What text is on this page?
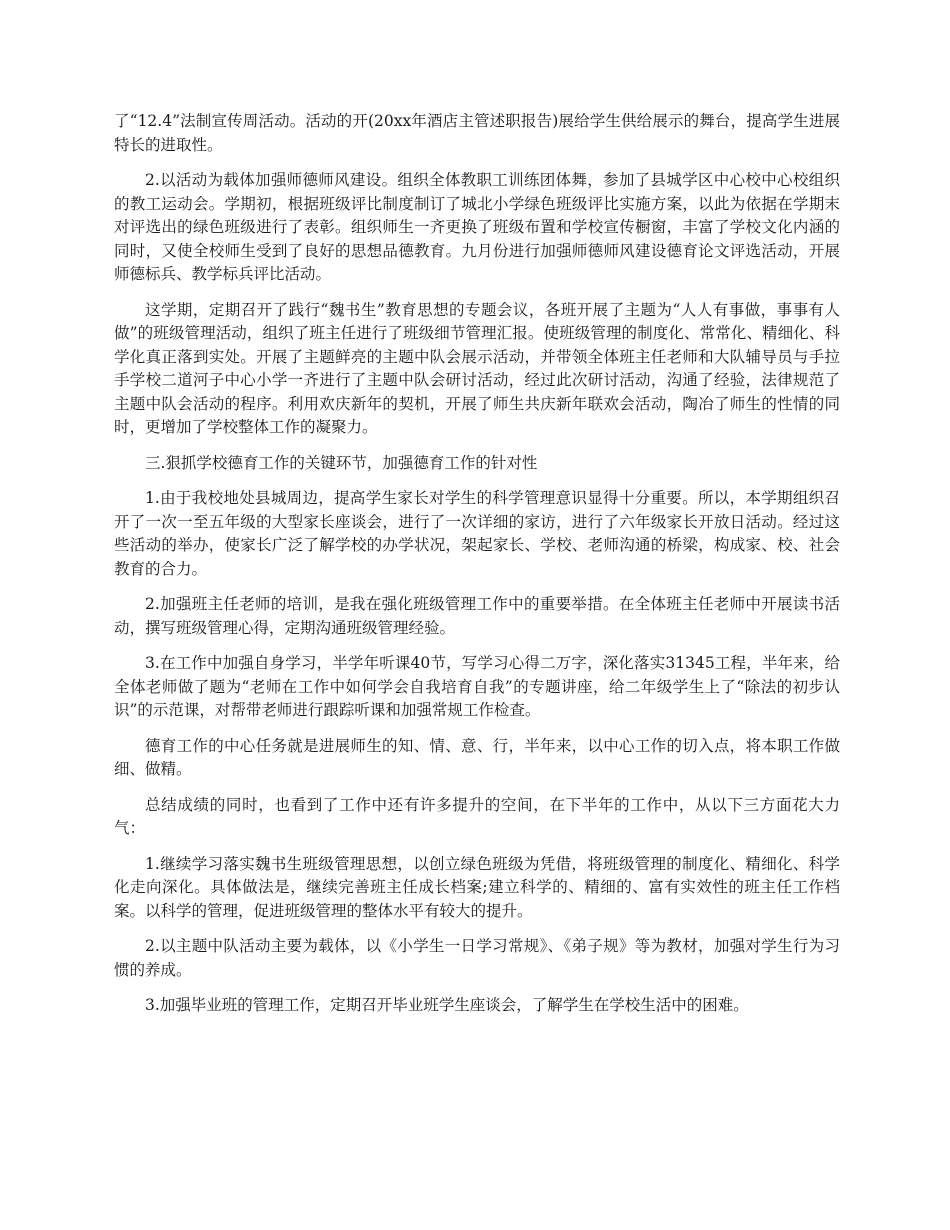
了“12.4”法制宣传周活动。活动的开(20xx年酒店主管述职报告)展给学生供给展示的舞台，提高学生进展特长的进取性。

2.以活动为载体加强师德师风建设。组织全体教职工训练团体舞，参加了县城学区中心校中心校组织的教工运动会。学期初，根据班级评比制度制订了城北小学绿色班级评比实施方案，以此为依据在学期末对评选出的绿色班级进行了表彰。组织师生一齐更换了班级布置和学校宣传橱窗，丰富了学校文化内涵的同时，又使全校师生受到了良好的思想品德教育。九月份进行加强师德师风建设德育论文评选活动，开展师德标兵、教学标兵评比活动。

这学期，定期召开了践行“魏书生”教育思想的专题会议，各班开展了主题为“人人有事做，事事有人做”的班级管理活动，组织了班主任进行了班级细节管理汇报。使班级管理的制度化、常常化、精细化、科学化真正落到实处。开展了主题鲜亮的主题中队会展示活动，并带领全体班主任老师和大队辅导员与手拉手学校二道河子中心小学一齐进行了主题中队会研讨活动，经过此次研讨活动，沟通了经验，法律规范了主题中队会活动的程序。利用欢庆新年的契机，开展了师生共庆新年联欢会活动，陶冶了师生的性情的同时，更增加了学校整体工作的凝聚力。

三.狠抓学校德育工作的关键环节，加强德育工作的针对性

1.由于我校地处县城周边，提高学生家长对学生的科学管理意识显得十分重要。所以，本学期组织召开了一次一至五年级的大型家长座谈会，进行了一次详细的家访，进行了六年级家长开放日活动。经过这些活动的举办，使家长广泛了解学校的办学状况，架起家长、学校、老师沟通的桥梁，构成家、校、社会教育的合力。

2.加强班主任老师的培训，是我在强化班级管理工作中的重要举措。在全体班主任老师中开展读书活动，撰写班级管理心得，定期沟通班级管理经验。

3.在工作中加强自身学习，半学年听课40节，写学习心得二万字，深化落实31345工程，半年来，给全体老师做了题为“老师在工作中如何学会自我培育自我”的专题讲座，给二年级学生上了“除法的初步认识”的示范课，对帮带老师进行跟踪听课和加强常规工作检查。

德育工作的中心任务就是进展师生的知、情、意、行，半年来，以中心工作的切入点，将本职工作做细、做精。

总结成绩的同时，也看到了工作中还有许多提升的空间，在下半年的工作中，从以下三方面花大力气：

1.继续学习落实魏书生班级管理思想，以创立绿色班级为凭借，将班级管理的制度化、精细化、科学化走向深化。具体做法是，继续完善班主任成长档案;建立科学的、精细的、富有实效性的班主任工作档案。以科学的管理，促进班级管理的整体水平有较大的提升。

2.以主题中队活动主要为载体，以《小学生一日学习常规》、《弟子规》等为教材，加强对学生行为习惯的养成。

3.加强毕业班的管理工作，定期召开毕业班学生座谈会，了解学生在学校生活中的困难。
